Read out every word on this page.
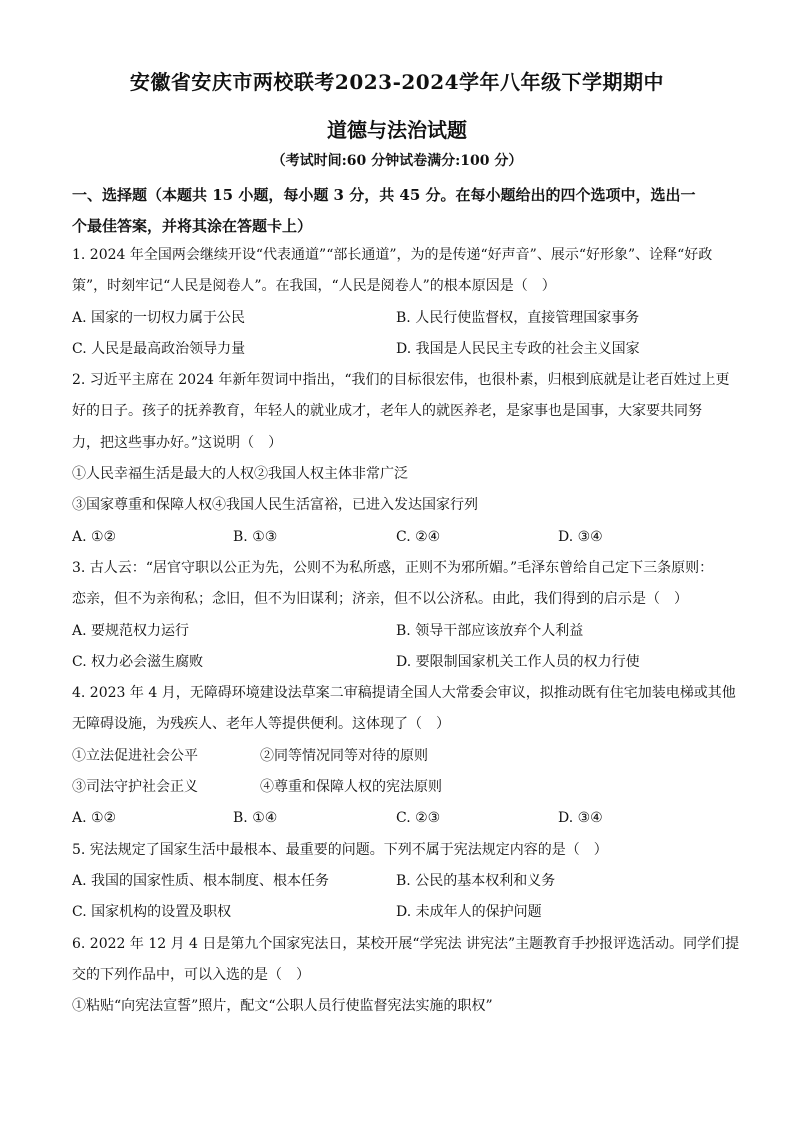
安徽省安庆市两校联考2023-2024学年八年级下学期期中
道德与法治试题
（考试时间:60 分钟试卷满分:100 分）
一、选择题（本题共 15 小题，每小题 3 分，共 45 分。在每小题给出的四个选项中，选出一
个最佳答案，并将其涂在答题卡上）
1. 2024 年全国两会继续开设“代表通道”“部长通道”，为的是传递“好声音”、展示“好形象”、诠释“好政
策”，时刻牢记“人民是阅卷人”。在我国，“人民是阅卷人”的根本原因是（　）
A. 国家的一切权力属于公民	B. 人民行使监督权，直接管理国家事务
C. 人民是最高政治领导力量	D. 我国是人民民主专政的社会主义国家
2. 习近平主席在 2024 年新年贺词中指出，“我们的目标很宏伟，也很朴素，归根到底就是让老百姓过上更
好的日子。孩子的抚养教育，年轻人的就业成才，老年人的就医养老，是家事也是国事，大家要共同努
力，把这些事办好。”这说明（　）
①人民幸福生活是最大的人权②我国人权主体非常广泛
③国家尊重和保障人权④我国人民生活富裕，已进入发达国家行列
A. ①②	B. ①③	C. ②④	D. ③④
3. 古人云：“居官守职以公正为先，公则不为私所惑，正则不为邪所媚。”毛泽东曾给自己定下三条原则：
恋亲，但不为亲徇私；念旧，但不为旧谋利；济亲，但不以公济私。由此，我们得到的启示是（　）
A. 要规范权力运行	B. 领导干部应该放弃个人利益
C. 权力必会滋生腐败	D. 要限制国家机关工作人员的权力行使
4. 2023 年 4 月，无障碍环境建设法草案二审稿提请全国人大常委会审议，拟推动既有住宅加装电梯或其他
无障碍设施，为残疾人、老年人等提供便利。这体现了（　）
①立法促进社会公平	②同等情况同等对待的原则
③司法守护社会正义	④尊重和保障人权的宪法原则
A. ①②	B. ①④	C. ②③	D. ③④
5. 宪法规定了国家生活中最根本、最重要的问题。下列不属于宪法规定内容的是（　）
A. 我国的国家性质、根本制度、根本任务	B. 公民的基本权利和义务
C. 国家机构的设置及职权	D. 未成年人的保护问题
6. 2022 年 12 月 4 日是第九个国家宪法日，某校开展“学宪法 讲宪法”主题教育手抄报评选活动。同学们提
交的下列作品中，可以入选的是（　）
①粘贴“向宪法宣誓”照片，配文“公职人员行使监督宪法实施的职权”
